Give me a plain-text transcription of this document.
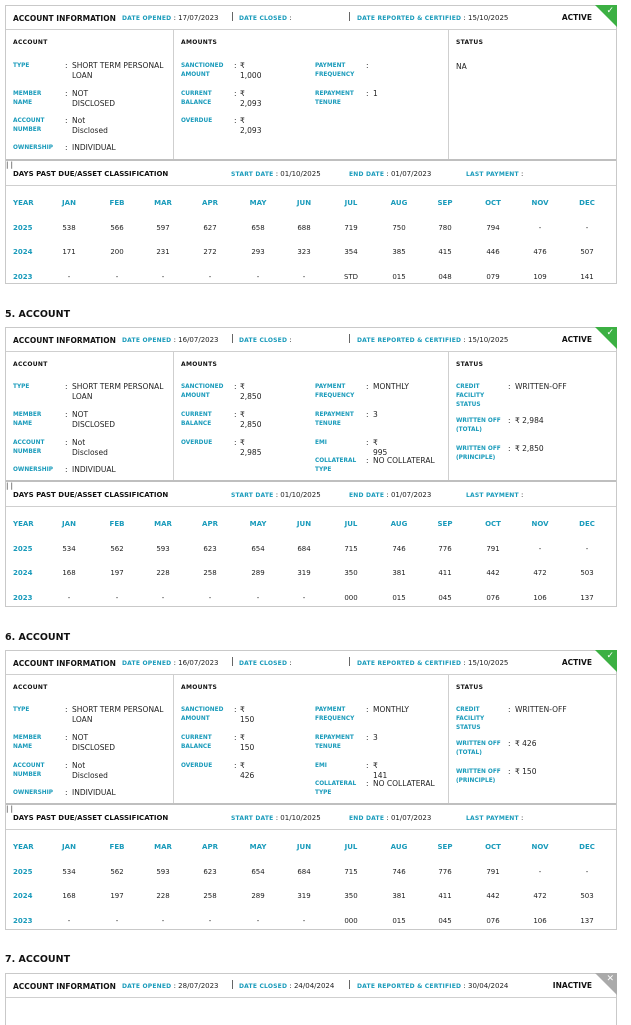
ACCOUNT INFORMATION DATE OPENED : 17/07/2023 | DATE CLOSED :	| DATE REPORTED & CERTIFIED : 15/10/2025	ACTIVE
✓
ACCOUNT
TYPE	: SHORT TERM PERSONAL LOAN
MEMBER NAME
: NOT DISCLOSED
ACCOUNT NUMBER
: Not Disclosed
OWNERSHIP	: INDIVIDUAL
AMOUNTS
SANCTIONED AMOUNT
: ₹ 1,000
CURRENT BALANCE
: ₹ 2,093
OVERDUE	: ₹ 2,093
PAYMENT FREQUENCY
:
REPAYMENT TENURE
: 1
STATUS
NA
DAYS PAST DUE/ASSET CLASSIFICATION	START DATE : 01/10/2025
|
END DATE : 01/07/2023
|
LAST PAYMENT :
YEAR	JAN	FEB	MAR	APR	MAY	JUN	JUL	AUG	SEP	OCT	NOV	DEC
2025	538	566	597	627	658	688	719	750	780	794	-	-
2024	171	200	231	272	293	323	354	385	415	446	476	507
2023	-	-	-	-	-	-	STD	015	048	079	109	141
5. ACCOUNT
ACCOUNT INFORMATION DATE OPENED : 16/07/2023 | DATE CLOSED :	| DATE REPORTED & CERTIFIED : 15/10/2025	ACTIVE
✓
ACCOUNT
TYPE	: SHORT TERM PERSONAL LOAN
MEMBER NAME
: NOT DISCLOSED
ACCOUNT NUMBER
: Not Disclosed
OWNERSHIP	: INDIVIDUAL
AMOUNTS
SANCTIONED AMOUNT
: ₹ 2,850
CURRENT BALANCE
: ₹ 2,850
OVERDUE	: ₹ 2,985
PAYMENT FREQUENCY
: MONTHLY
REPAYMENT TENURE
: 3
EMI	: ₹ 995
COLLATERAL TYPE
: NO COLLATERAL
STATUS
CREDIT FACILITY STATUS
: WRITTEN-OFF
WRITTEN OFF (TOTAL)
: ₹ 2,984
WRITTEN OFF (PRINCIPLE)
: ₹ 2,850
DAYS PAST DUE/ASSET CLASSIFICATION	START DATE : 01/10/2025
|
END DATE : 01/07/2023
|
LAST PAYMENT :
YEAR	JAN	FEB	MAR	APR	MAY	JUN	JUL	AUG	SEP	OCT	NOV	DEC
2025	534	562	593	623	654	684	715	746	776	791	-	-
2024	168	197	228	258	289	319	350	381	411	442	472	503
2023	-	-	-	-	-	-	000	015	045	076	106	137
6. ACCOUNT
ACCOUNT INFORMATION DATE OPENED : 16/07/2023 | DATE CLOSED :	| DATE REPORTED & CERTIFIED : 15/10/2025	ACTIVE
✓
ACCOUNT
TYPE	: SHORT TERM PERSONAL LOAN
MEMBER NAME
: NOT DISCLOSED
ACCOUNT NUMBER
: Not Disclosed
OWNERSHIP	: INDIVIDUAL
AMOUNTS
SANCTIONED AMOUNT
: ₹ 150
CURRENT BALANCE
: ₹ 150
OVERDUE	: ₹ 426
PAYMENT FREQUENCY
: MONTHLY
REPAYMENT TENURE
: 3
EMI	: ₹ 141
COLLATERAL TYPE
: NO COLLATERAL
STATUS
CREDIT FACILITY STATUS
: WRITTEN-OFF
WRITTEN OFF (TOTAL)
: ₹ 426
WRITTEN OFF (PRINCIPLE)
: ₹ 150
DAYS PAST DUE/ASSET CLASSIFICATION	START DATE : 01/10/2025
|
END DATE : 01/07/2023
|
LAST PAYMENT :
YEAR	JAN	FEB	MAR	APR	MAY	JUN	JUL	AUG	SEP	OCT	NOV	DEC
2025	534	562	593	623	654	684	715	746	776	791	-	-
2024	168	197	228	258	289	319	350	381	411	442	472	503
2023	-	-	-	-	-	-	000	015	045	076	106	137
7. ACCOUNT
ACCOUNT INFORMATION DATE OPENED : 28/07/2023 | DATE CLOSED : 24/04/2024 | DATE REPORTED & CERTIFIED : 30/04/2024	INACTIVE
✕
